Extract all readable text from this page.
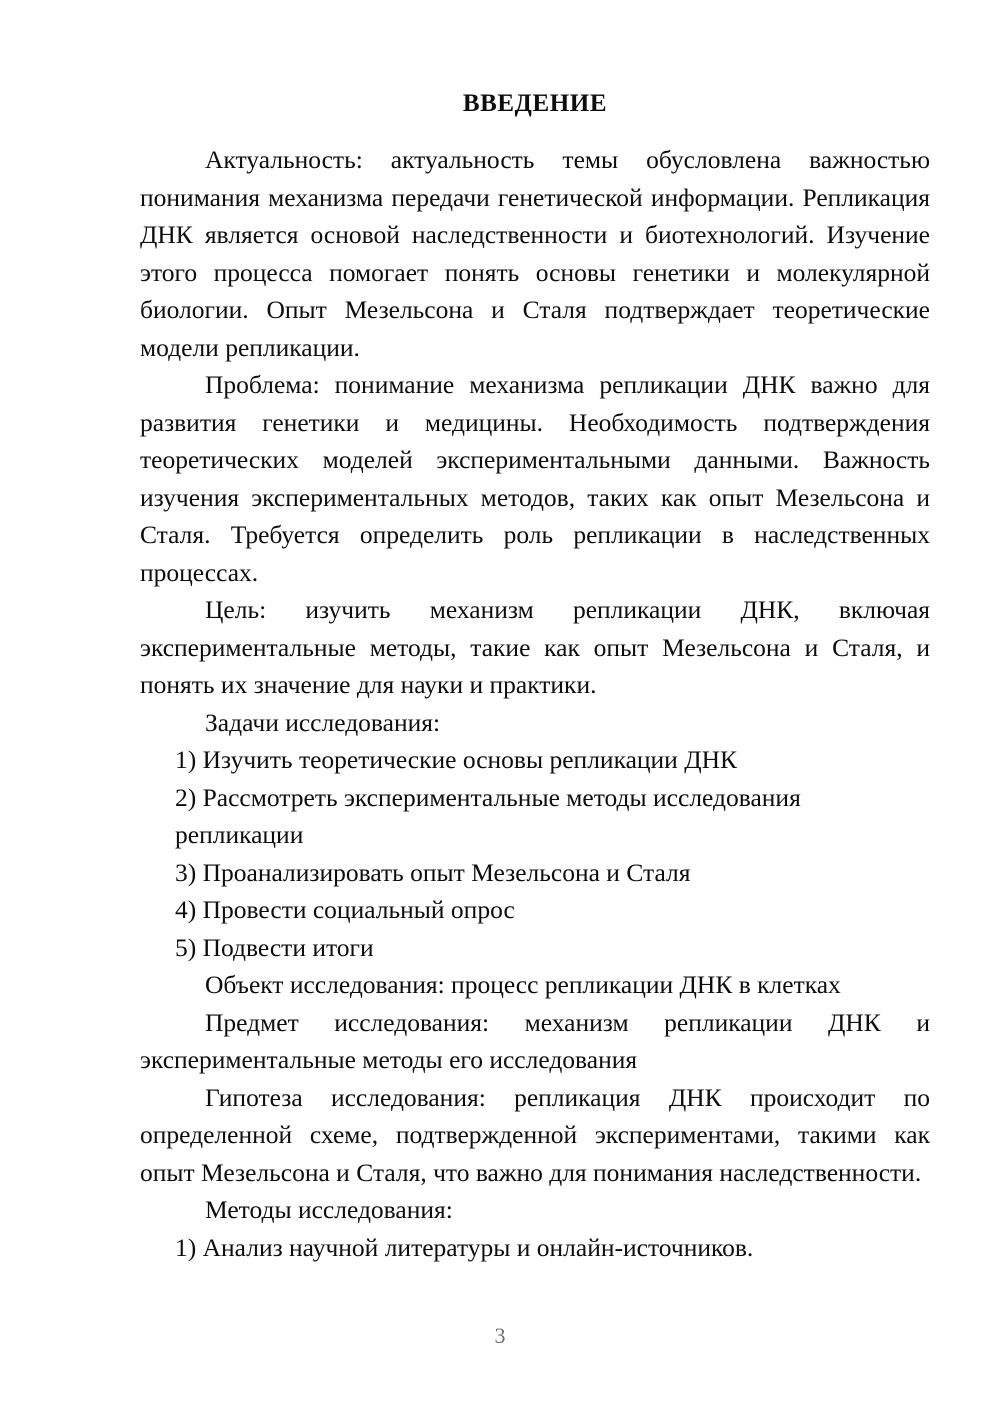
ВВЕДЕНИЕ

Актуальность: актуальность темы обусловлена важностью понимания механизма передачи генетической информации. Репликация ДНК является основой наследственности и биотехнологий. Изучение этого процесса помогает понять основы генетики и молекулярной биологии. Опыт Мезельсона и Сталя подтверждает теоретические модели репликации.

Проблема: понимание механизма репликации ДНК важно для развития генетики и медицины. Необходимость подтверждения теоретических моделей экспериментальными данными. Важность изучения экспериментальных методов, таких как опыт Мезельсона и Сталя. Требуется определить роль репликации в наследственных процессах.

Цель: изучить механизм репликации ДНК, включая экспериментальные методы, такие как опыт Мезельсона и Сталя, и понять их значение для науки и практики.

Задачи исследования:

1) Изучить теоретические основы репликации ДНК

2) Рассмотреть экспериментальные методы исследования репликации

3) Проанализировать опыт Мезельсона и Сталя

4) Провести социальный опрос

5) Подвести итоги

Объект исследования: процесс репликации ДНК в клетках

Предмет исследования: механизм репликации ДНК и экспериментальные методы его исследования

Гипотеза исследования: репликация ДНК происходит по определенной схеме, подтвержденной экспериментами, такими как опыт Мезельсона и Сталя, что важно для понимания наследственности.

Методы исследования:

1) Анализ научной литературы и онлайн-источников.

3
